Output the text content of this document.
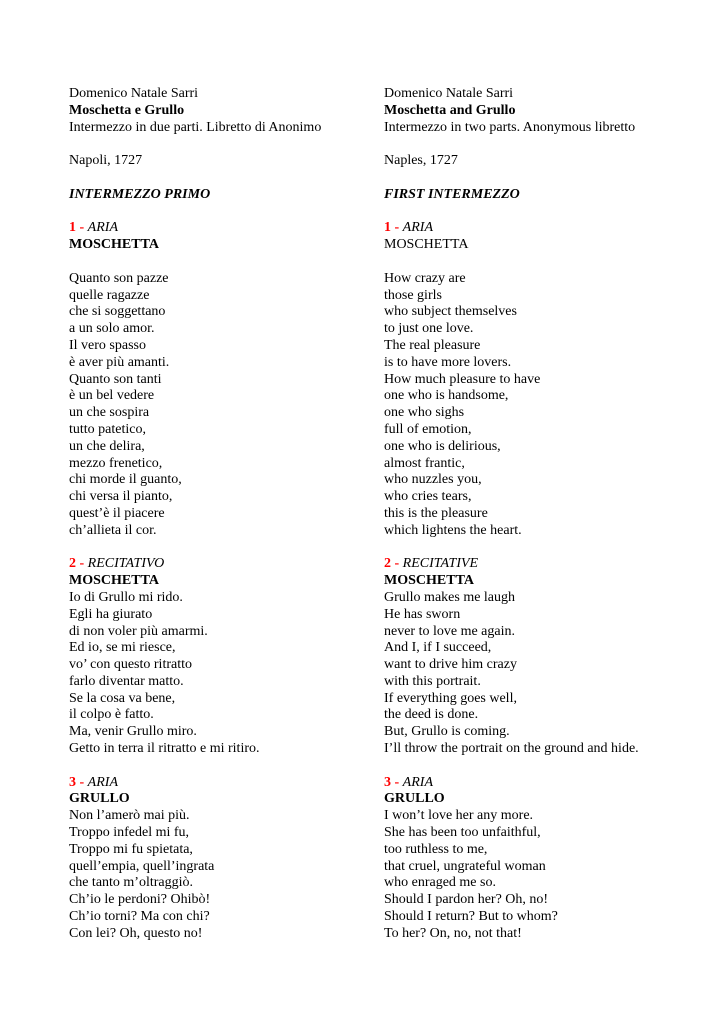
Domenico Natale Sarri
Moschetta e Grullo
Intermezzo in due parti. Libretto di Anonimo
Napoli, 1727
INTERMEZZO PRIMO
1 - ARIA
MOSCHETTA
Quanto son pazze
quelle ragazze
che si soggettano
a un solo amor.
Il vero spasso
è aver più amanti.
Quanto son tanti
è un bel vedere
un che sospira
tutto patetico,
un che delira,
mezzo frenetico,
chi morde il guanto,
chi versa il pianto,
quest’è il piacere
ch’allieta il cor.
2 - RECITATIVO
MOSCHETTA
Io di Grullo mi rido.
Egli ha giurato
di non voler più amarmi.
Ed io, se mi riesce,
vo’ con questo ritratto
farlo diventar matto.
Se la cosa va bene,
il colpo è fatto.
Ma, venir Grullo miro.
Getto in terra il ritratto e mi ritiro.
3 - ARIA
GRULLO
Non l’amerò mai più.
Troppo infedel mi fu,
Troppo mi fu spietata,
quell’empia, quell’ingrata
che tanto m’oltraggiò.
Ch’io le perdoni? Ohibò!
Ch’io torni? Ma con chi?
Con lei? Oh, questo no!
Domenico Natale Sarri
Moschetta and Grullo
Intermezzo in two parts. Anonymous libretto
Naples, 1727
FIRST INTERMEZZO
1 - ARIA
MOSCHETTA
How crazy are
those girls
who subject themselves
to just one love.
The real pleasure
is to have more lovers.
How much pleasure to have
one who is handsome,
one who sighs
full of emotion,
one who is delirious,
almost frantic,
who nuzzles you,
who cries tears,
this is the pleasure
which lightens the heart.
2 - RECITATIVE
MOSCHETTA
Grullo makes me laugh
He has sworn
never to love me again.
And I, if I succeed,
want to drive him crazy
with this portrait.
If everything goes well,
the deed is done.
But, Grullo is coming.
I’ll throw the portrait on the ground and hide.
3 - ARIA
GRULLO
I won’t love her any more.
She has been too unfaithful,
too ruthless to me,
that cruel, ungrateful woman
who enraged me so.
Should I pardon her? Oh, no!
Should I return? But to whom?
To her? On, no, not that!
